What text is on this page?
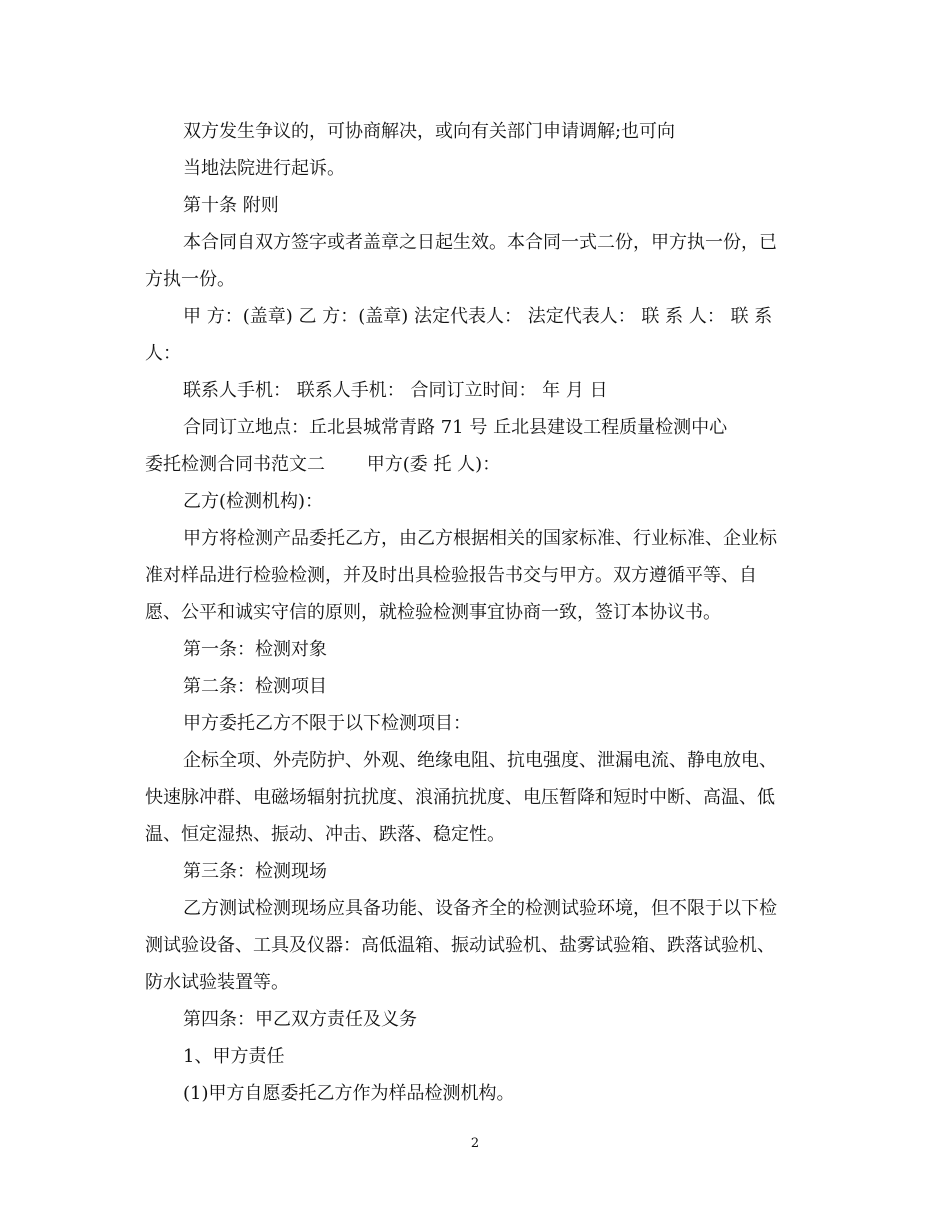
双方发生争议的，可协商解决，或向有关部门申请调解;也可向
当地法院进行起诉。
第十条 附则
本合同自双方签字或者盖章之日起生效。本合同一式二份，甲方执一份，已
方执一份。
甲 方：(盖章) 乙 方：(盖章) 法定代表人： 法定代表人： 联 系 人： 联 系
人：
联系人手机： 联系人手机： 合同订立时间： 年 月 日
合同订立地点：丘北县城常青路 71 号 丘北县建设工程质量检测中心
委托检测合同书范文二　　 甲方(委 托 人)：
乙方(检测机构)：
甲方将检测产品委托乙方，由乙方根据相关的国家标准、行业标准、企业标
准对样品进行检验检测，并及时出具检验报告书交与甲方。双方遵循平等、自
愿、公平和诚实守信的原则，就检验检测事宜协商一致，签订本协议书。
第一条：检测对象
第二条：检测项目
甲方委托乙方不限于以下检测项目：
企标全项、外壳防护、外观、绝缘电阻、抗电强度、泄漏电流、静电放电、
快速脉冲群、电磁场辐射抗扰度、浪涌抗扰度、电压暂降和短时中断、高温、低
温、恒定湿热、振动、冲击、跌落、稳定性。
第三条：检测现场
乙方测试检测现场应具备功能、设备齐全的检测试验环境，但不限于以下检
测试验设备、工具及仪器：高低温箱、振动试验机、盐雾试验箱、跌落试验机、
防水试验装置等。
第四条：甲乙双方责任及义务
1、甲方责任
(1)甲方自愿委托乙方作为样品检测机构。
2
